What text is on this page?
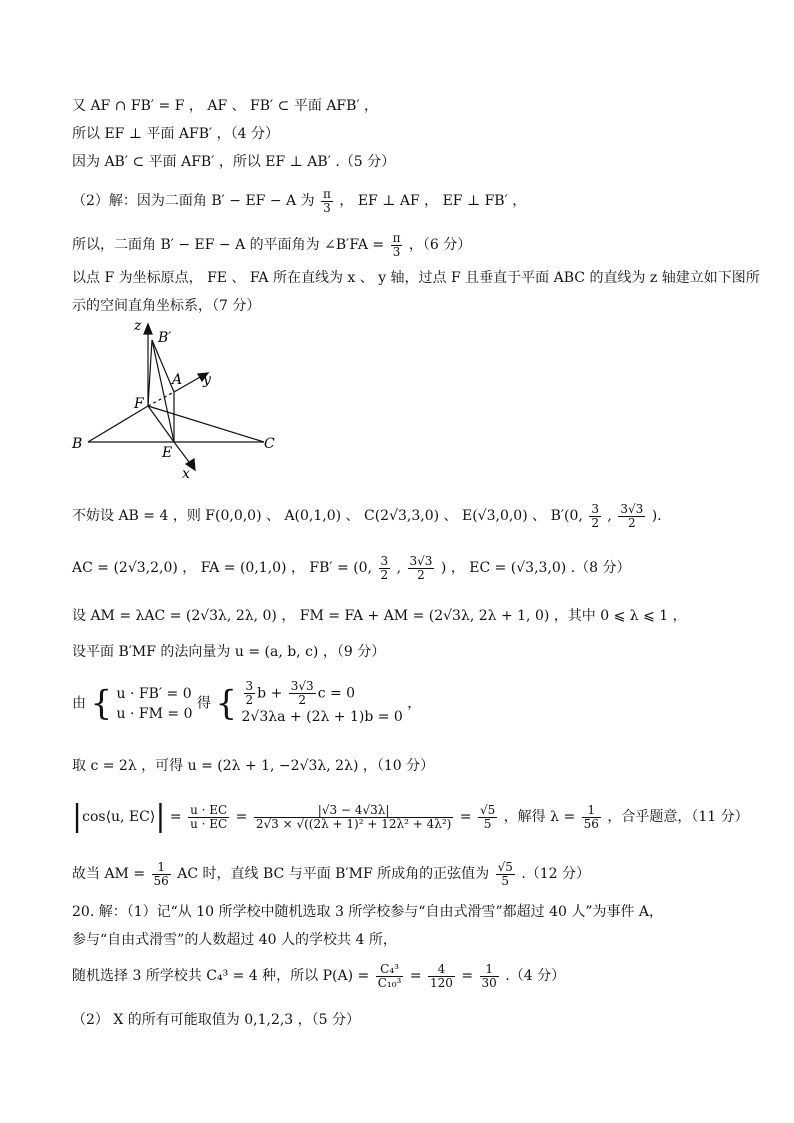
又 AF ∩ FB′ = F ， AF 、 FB′ ⊂ 平面 AFB′ ，
所以 EF ⊥ 平面 AFB′ ，（4 分）
因为 AB′ ⊂ 平面 AFB′ ，所以 EF ⊥ AB′ .（5 分）
（2）解：因为二面角 B′ − EF − A 为 $\frac{\pi}{3}$ ， EF ⊥ AF ， EF ⊥ FB′ ，
所以，二面角 B′ − EF − A 的平面角为 ∠B′FA = $\frac{\pi}{3}$ ，（6 分）
以点 F 为坐标原点， FE 、 FA 所在直线为 x 、 y 轴，过点 F 且垂直于平面 ABC 的直线为 z 轴建立如下图所
示的空间直角坐标系，（7 分）
z
B′
A y
F
B	C
E
x
不妨设 AB = 4 ，则 F(0,0,0) 、 A(0,1,0) 、 C(2√3,3,0) 、 E(√3,0,0) 、 B′(0, $\frac{3}{2}$ , $\frac{3√3}{2}$ ).
AC = (2√3,2,0) ， FA = (0,1,0) ， FB′ = (0, $\frac{3}{2}$ , $\frac{3√3}{2}$ ) ， EC = (√3,3,0) .（8 分）
设 AM = λAC = (2√3λ, 2λ, 0) ， FM = FA + AM = (2√3λ, 2λ + 1, 0) ，其中 0 ⩽ λ ⩽ 1 ，
设平面 B′MF 的法向量为 u = (a, b, c) ，（9 分）
由 { u · FB′ = 0
u · FM = 0
得 { $\frac{3}{2}$ $b + \frac{3√3}{2}$ c = 0
2√3λa + (2λ + 1)b = 0
，
取 c = 2λ ，可得 u = (2λ + 1, −2√3λ, 2λ) ，（10 分）
|cos⟨u, EC⟩| = $\frac{u \cdot EC}{u \cdot EC} = \frac{|√3 - 4√3\lambda|}{\text{2√3 × √((2λ + 1)² + 12λ² + 4λ²)}} = \frac{√5}{5}$ ，解得 $\lambda = \frac{1}{56}$ ，合乎题意，（11 分）
故当 AM = $\frac{1}{56}$ AC 时，直线 BC 与平面 B′MF 所成角的正弦值为 $\frac{√5}{5} .(12$ 分）
20. 解：（1）记“从 10 所学校中随机选取 3 所学校参与“自由式滑雪”都超过 40 人”为事件 A，
参与“自由式滑雪”的人数超过 40 人的学校共 4 所，
随机选择 3 所学校共 C₄³ = 4 种，所以 $P(A) = \frac{\text{C₄³}}{\text{C₁₀³}} = \frac{4}{120} = \frac{1}{30} .(4$ 分）
（2） X 的所有可能取值为 0,1,2,3 ，（5 分）
